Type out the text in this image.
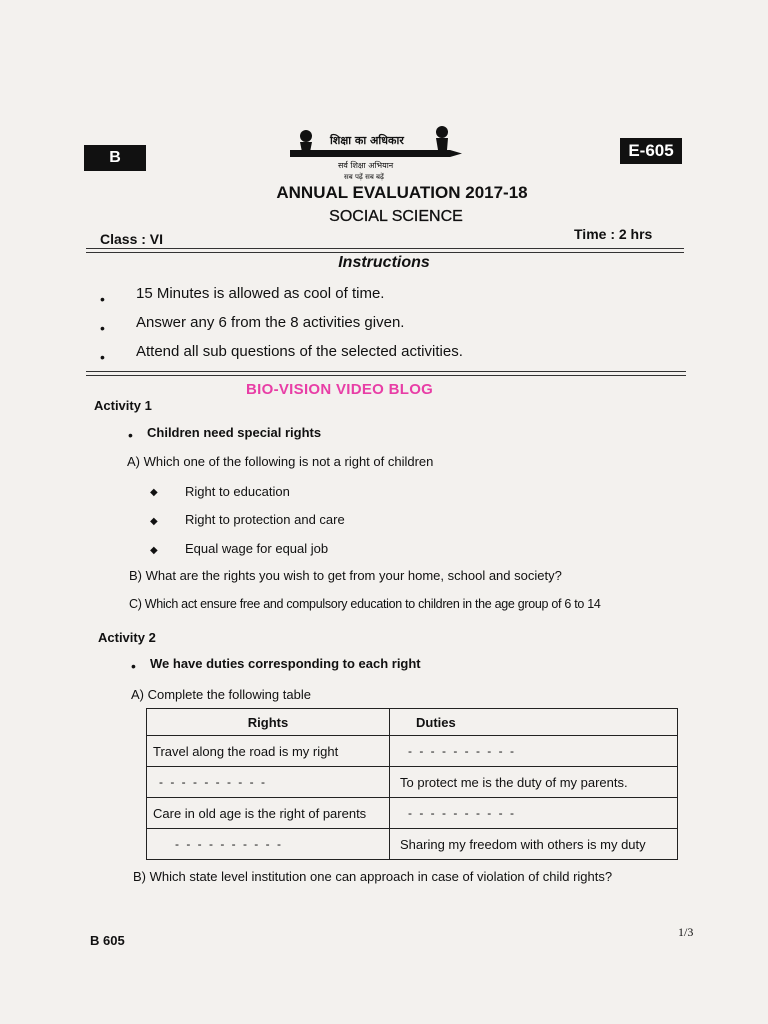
B	E-605
शिक्षा का अधिकार
सर्व शिक्षा अभियान
सब पढ़ें सब बढ़ें
ANNUAL EVALUATION 2017-18
SOCIAL SCIENCE
Class : VI	Time : 2 hrs
Instructions
• 15 Minutes is allowed as cool of time.
• Answer any 6 from the 8 activities given.
• Attend all sub questions of the selected activities.
BIO-VISION VIDEO BLOG
Activity 1
• Children need special rights
A) Which one of the following is not a right of children
◆ Right to education
◆ Right to protection and care
◆ Equal wage for equal job
B) What are the rights you wish to get from your home, school and society?
C) Which act ensure free and compulsory education to children in the age group of 6 to 14
Activity 2
• We have duties corresponding to each right
A) Complete the following table
Rights	Duties
Travel along the road is my right	- - - - - - - - - -
- - - - - - - - - -	To protect me is the duty of my parents.
Care in old age is the right of parents	- - - - - - - - - -
- - - - - - - - - -	Sharing my freedom with others is my duty
B) Which state level institution one can approach in case of violation of child rights?
B 605
1/3
